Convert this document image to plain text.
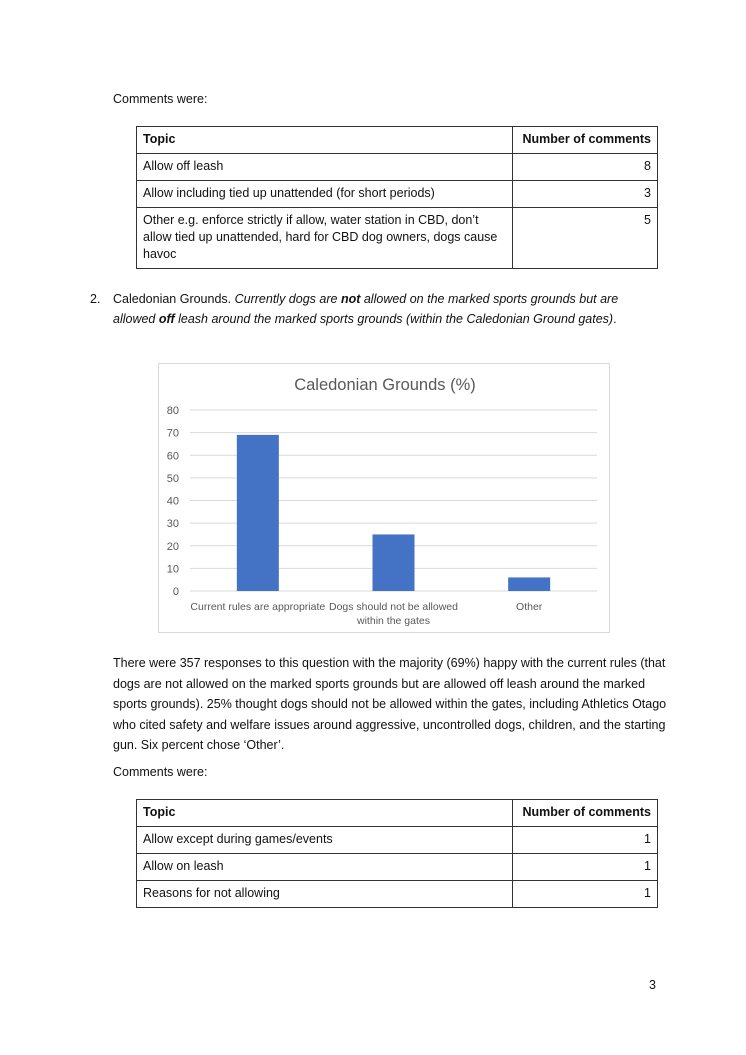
Comments were:
Topic	Number of comments
Allow off leash	8
Allow including tied up unattended (for short periods)	3
Other e.g. enforce strictly if allow, water station in CBD, don’t allow tied up unattended, hard for CBD dog owners, dogs cause havoc	5
2. Caledonian Grounds. Currently dogs are not allowed on the marked sports grounds but are allowed off leash around the marked sports grounds (within the Caledonian Ground gates).
Caledonian Grounds (%)
0
10
20
30
40
50
60
70
80
Current rules are appropriate Dogs should not be allowed
within the gates
Other
There were 357 responses to this question with the majority (69%) happy with the current rules (that dogs are not allowed on the marked sports grounds but are allowed off leash around the marked sports grounds). 25% thought dogs should not be allowed within the gates, including Athletics Otago who cited safety and welfare issues around aggressive, uncontrolled dogs, children, and the starting gun. Six percent chose ‘Other’.
Comments were:
Topic	Number of comments
Allow except during games/events	1
Allow on leash	1
Reasons for not allowing	1
3
